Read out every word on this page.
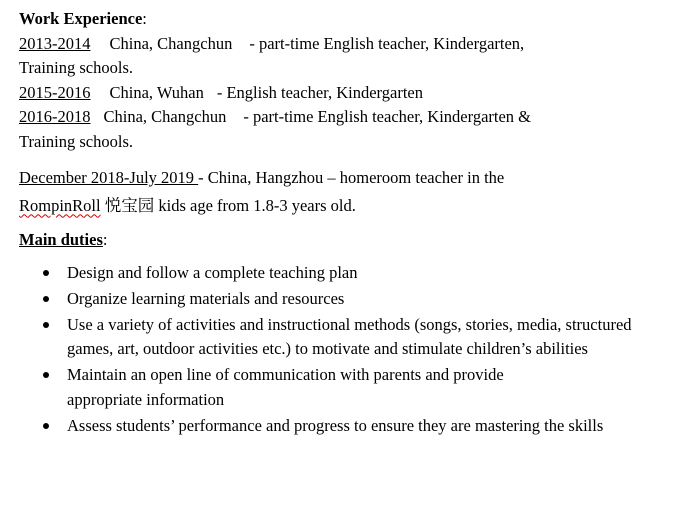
Work Experience:
2013-2014 China, Changchun - part-time English teacher, Kindergarten,
Training schools.
2015-2016 China, Wuhan - English teacher, Kindergarten
2016-2018 China, Changchun - part-time English teacher, Kindergarten &
Training schools.
December 2018-July 2019 - China, Hangzhou – homeroom teacher in the
RompinRoll 悦宝园 kids age from 1.8-3 years old.
Main duties:
Design and follow a complete teaching plan
Organize learning materials and resources
Use a variety of activities and instructional methods (songs, stories, media, structured games, art, outdoor activities etc.) to motivate and stimulate children’s abilities
Maintain an open line of communication with parents and provide appropriate information
Assess students’ performance and progress to ensure they are mastering the skills
